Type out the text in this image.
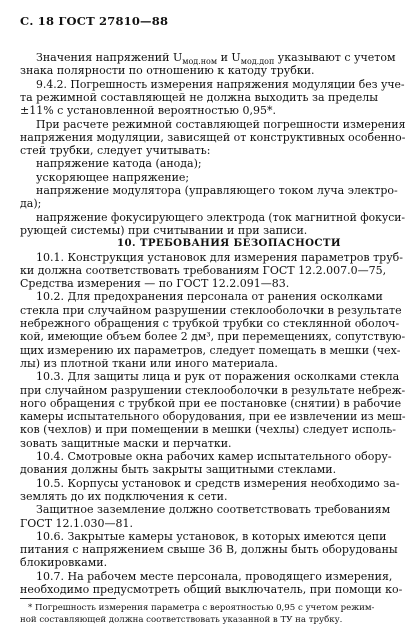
С. 18 ГОСТ 27810—88
Значения напряжений $U_{мод.ном}$ и $U_{мод.доп}$ указывают с учетом
знака полярности по отношению к катоду трубки.
9.4.2. Погрешность измерения напряжения модуляции без уче-
та режимной составляющей не должна выходить за пределы
±11% с установленной вероятностью 0,95*.
При расчете режимной составляющей погрешности измерения
напряжения модуляции, зависящей от конструктивных особенно-
стей трубки, следует учитывать:
напряжение катода (анода);
ускоряющее напряжение;
напряжение модулятора (управляющего током луча электро-
да);
напряжение фокусирующего электрода (ток магнитной фокуси-
рующей системы) при считывании и при записи.
10. ТРЕБОВАНИЯ БЕЗОПАСНОСТИ
10.1. Конструкция установок для измерения параметров труб-
ки должна соответствовать требованиям ГОСТ 12.2.007.0—75,
Средства измерения — по ГОСТ 12.2.091—83.
10.2. Для предохранения персонала от ранения осколками
стекла при случайном разрушении стеклооболочки в результате
небрежного обращения с трубкой трубки со стеклянной оболоч-
кой, имеющие объем более 2 дм³, при перемещениях, сопутствую-
щих измерению их параметров, следует помещать в мешки (чех-
лы) из плотной ткани или иного материала.
10.3. Для защиты лица и рук от поражения осколками стекла
при случайном разрушении стеклооболочки в результате небреж-
ного обращения с трубкой при ее постановке (снятии) в рабочие
камеры испытательного оборудования, при ее извлечении из меш-
ков (чехлов) и при помещении в мешки (чехлы) следует исполь-
зовать защитные маски и перчатки.
10.4. Смотровые окна рабочих камер испытательного обору-
дования должны быть закрыты защитными стеклами.
10.5. Корпусы установок и средств измерения необходимо за-
землять до их подключения к сети.
Защитное заземление должно соответствовать требованиям
ГОСТ 12.1.030—81.
10.6. Закрытые камеры установок, в которых имеются цепи
питания с напряжением свыше 36 В, должны быть оборудованы
блокировками.
10.7. На рабочем месте персонала, проводящего измерения,
необходимо предусмотреть общий выключатель, при помощи ко-
* Погрешность измерения параметра с вероятностью 0,95 с учетом режим-
ной составляющей должна соответствовать указанной в ТУ на трубку.
